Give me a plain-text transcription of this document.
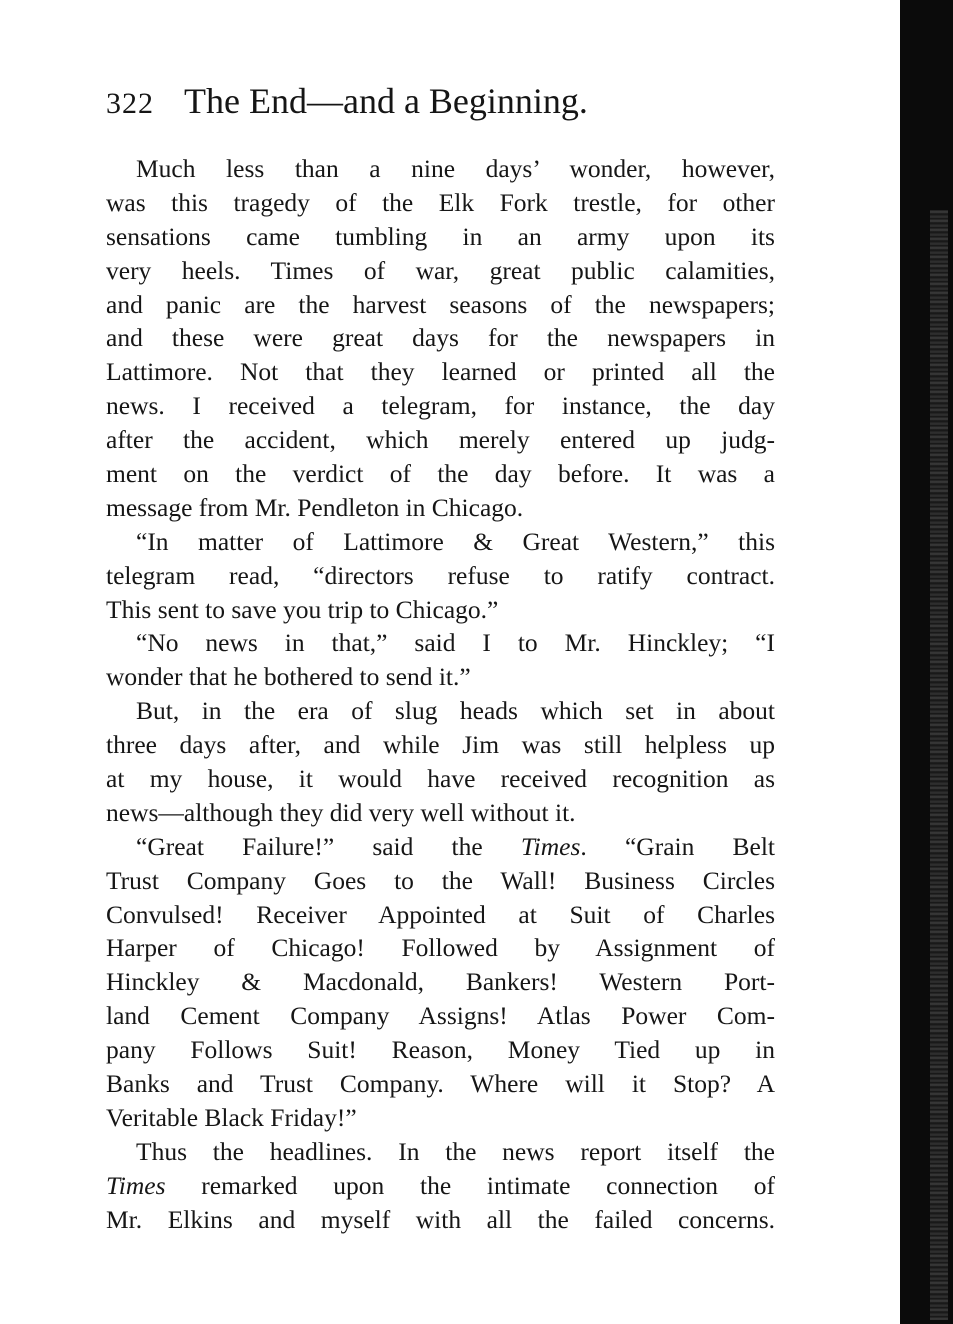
322 The End—and a Beginning.
Much less than a nine days’ wonder, however,
was this tragedy of the Elk Fork trestle, for other
sensations came tumbling in an army upon its
very heels. Times of war, great public calamities,
and panic are the harvest seasons of the newspapers;
and these were great days for the newspapers in
Lattimore. Not that they learned or printed all the
news. I received a telegram, for instance, the day
after the accident, which merely entered up judg-
ment on the verdict of the day before. It was a
message from Mr. Pendleton in Chicago.
“In matter of Lattimore & Great Western,” this
telegram read, “directors refuse to ratify contract.
This sent to save you trip to Chicago.”
“No news in that,” said I to Mr. Hinckley; “I
wonder that he bothered to send it.”
But, in the era of slug heads which set in about
three days after, and while Jim was still helpless up
at my house, it would have received recognition as
news—although they did very well without it.
“Great Failure!” said the Times. “Grain Belt
Trust Company Goes to the Wall! Business Circles
Convulsed! Receiver Appointed at Suit of Charles
Harper of Chicago! Followed by Assignment of
Hinckley & Macdonald, Bankers! Western Port-
land Cement Company Assigns! Atlas Power Com-
pany Follows Suit! Reason, Money Tied up in
Banks and Trust Company. Where will it Stop? A
Veritable Black Friday!”
Thus the headlines. In the news report itself the
Times remarked upon the intimate connection of
Mr. Elkins and myself with all the failed concerns.
